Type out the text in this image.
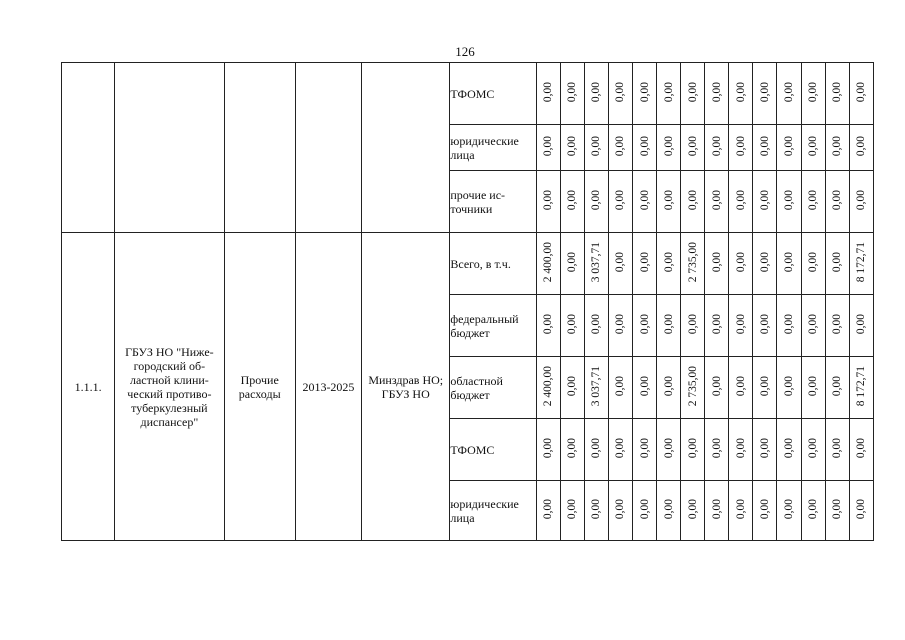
126
					ТФОМС	0,00	0,00	0,00	0,00	0,00	0,00	0,00	0,00	0,00	0,00	0,00	0,00	0,00	0,00
					юридические лица	0,00	0,00	0,00	0,00	0,00	0,00	0,00	0,00	0,00	0,00	0,00	0,00	0,00	0,00
					прочие ис-точники	0,00	0,00	0,00	0,00	0,00	0,00	0,00	0,00	0,00	0,00	0,00	0,00	0,00	0,00
1.1.1.	ГБУЗ НО "Ниже-городский об-ластной клини-ческий противо-туберкулезный диспансер"	Прочие расходы	2013-2025	Минздрав НО; ГБУЗ НО	Всего, в т.ч.	2 400,00	0,00	3 037,71	0,00	0,00	0,00	2 735,00	0,00	0,00	0,00	0,00	0,00	0,00	8 172,71
					федеральный бюджет	0,00	0,00	0,00	0,00	0,00	0,00	0,00	0,00	0,00	0,00	0,00	0,00	0,00	0,00
					областной бюджет	2 400,00	0,00	3 037,71	0,00	0,00	0,00	2 735,00	0,00	0,00	0,00	0,00	0,00	0,00	8 172,71
					ТФОМС	0,00	0,00	0,00	0,00	0,00	0,00	0,00	0,00	0,00	0,00	0,00	0,00	0,00	0,00
					юридические лица	0,00	0,00	0,00	0,00	0,00	0,00	0,00	0,00	0,00	0,00	0,00	0,00	0,00	0,00
